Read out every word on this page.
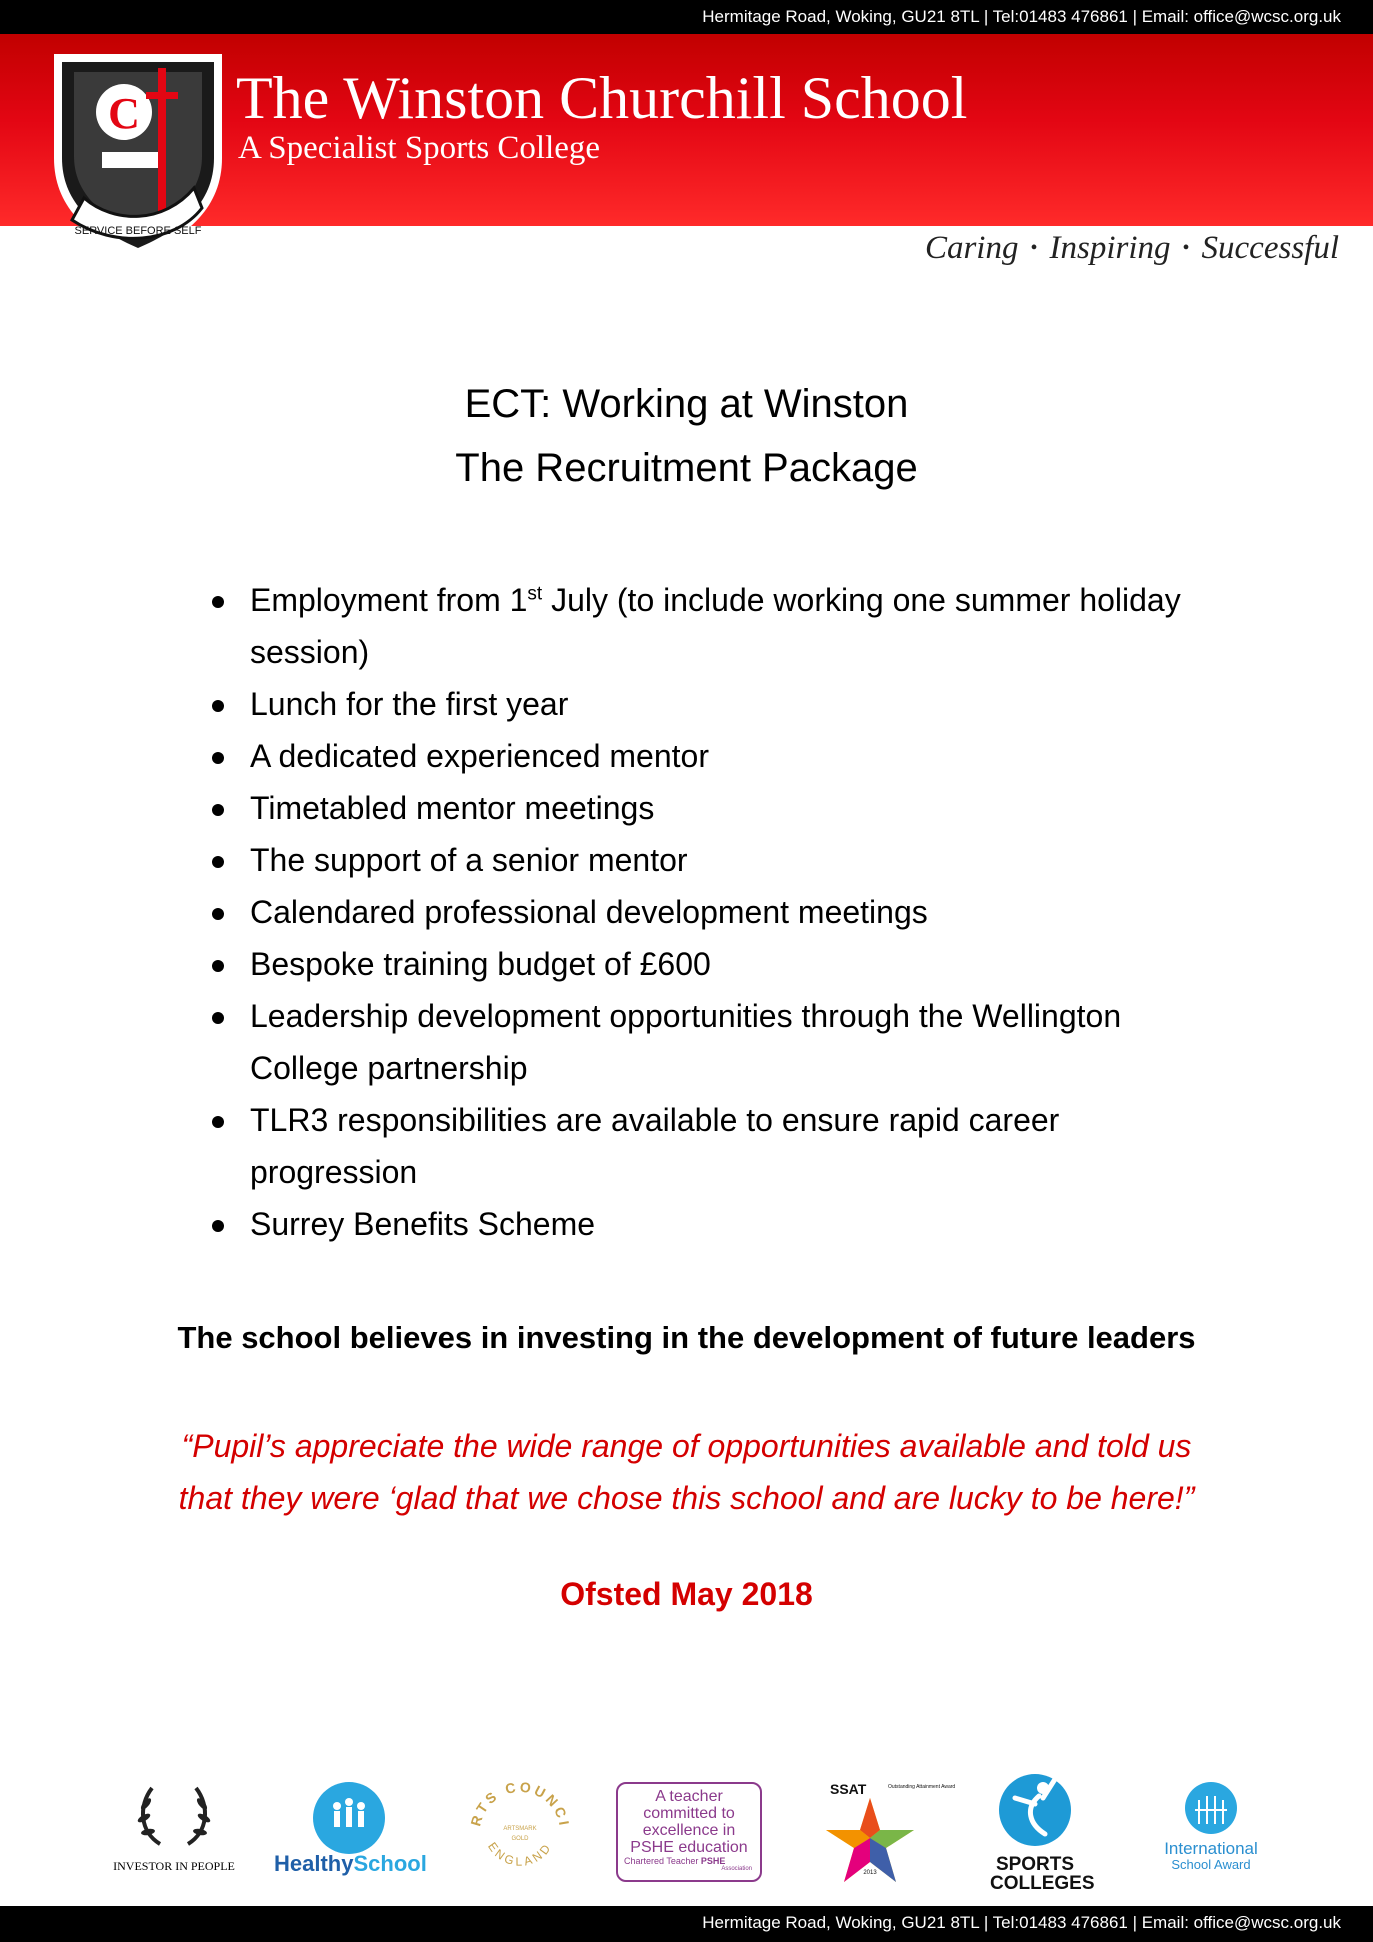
Hermitage Road, Woking, GU21 8TL | Tel:01483 476861 | Email: office@wcsc.org.uk
C
SERVICE BEFORE SELF
The Winston Churchill School
A Specialist Sports College
Caring • Inspiring • Successful
ECT: Working at Winston
The Recruitment Package
Employment from 1st July (to include working one summer holiday session)
Lunch for the first year
A dedicated experienced mentor
Timetabled mentor meetings
The support of a senior mentor
Calendared professional development meetings
Bespoke training budget of £600
Leadership development opportunities through the Wellington College partnership
TLR3 responsibilities are available to ensure rapid career progression
Surrey Benefits Scheme
The school believes in investing in the development of future leaders
“Pupil’s appreciate the wide range of opportunities available and told us that they were ‘glad that we chose this school and are lucky to be here!”
Ofsted May 2018
INVESTOR IN PEOPLE	HealthySchool
RTS COUNCI
ENGLAND
ARTSMARK
GOLD
A teacher committed to excellence in PSHE education
Chartered Teacher PSHE
Association
SSAT	Outstanding Attainment Award
2013	SPORTS
COLLEGES
International
School Award
Hermitage Road, Woking, GU21 8TL | Tel:01483 476861 | Email: office@wcsc.org.uk
